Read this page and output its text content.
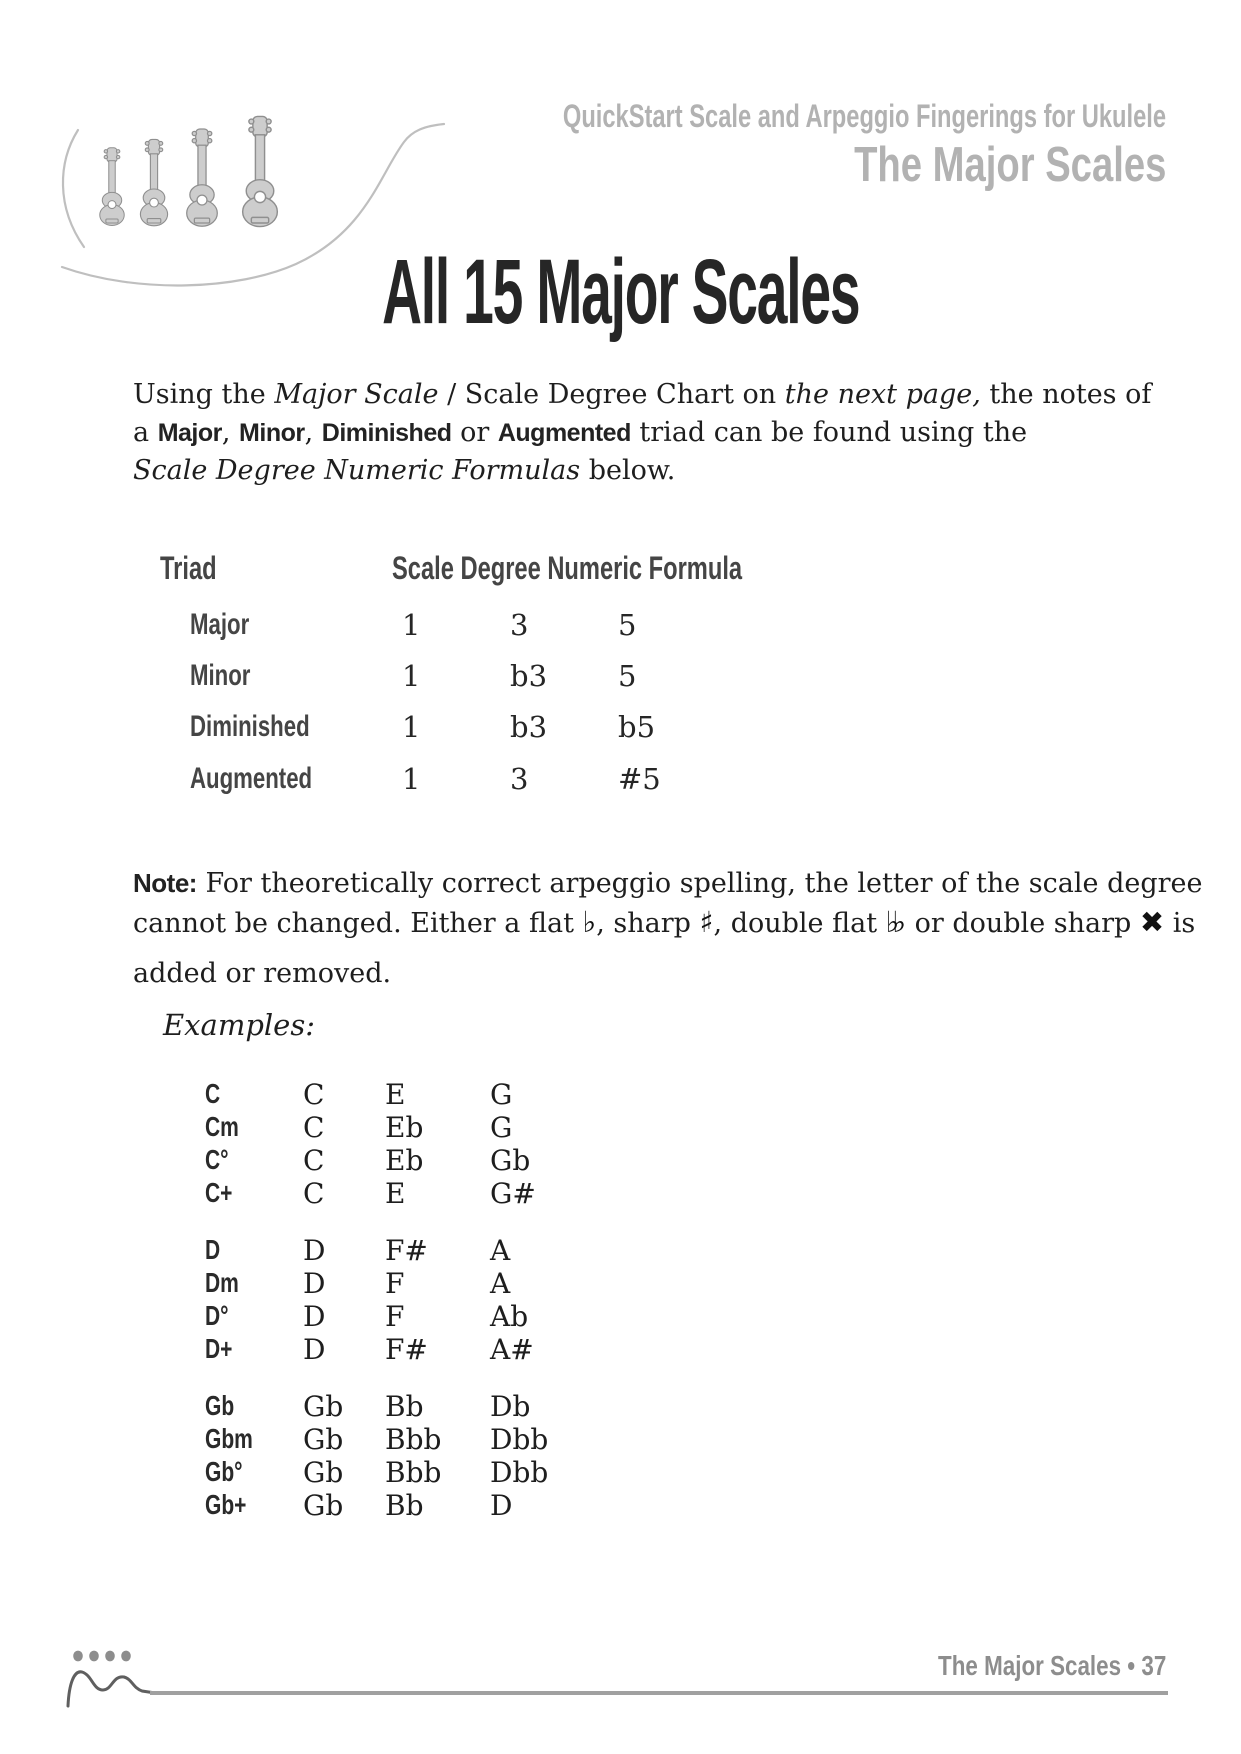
QuickStart Scale and Arpeggio Fingerings for Ukulele
The Major Scales
All 15 Major Scales
Using the Major Scale / Scale Degree Chart on the next page, the notes of
a Major, Minor, Diminished or Augmented triad can be found using the
Scale Degree Numeric Formulas below.
Triad	Scale Degree Numeric Formula
Major	1	3	5
Minor	1	b3 5
Diminished	1	b3 b5
Augmented	1	3	#5
Note: For theoretically correct arpeggio spelling, the letter of the scale degree
cannot be changed. Either a flat ♭, sharp ♯, double flat ♭♭ or double sharp ✖ is
added or removed.
Examples:
C	C E	G
Cm C Eb G
C°	C Eb Gb
C+	C E	G#
D	D F# A
Dm D F	A
D°	D F	Ab
D+	D F# A#
Gb Gb Bb Db
Gbm Gb Bbb Dbb
Gb° Gb Bbb Dbb
Gb+ Gb Bb D
The Major Scales • 37
